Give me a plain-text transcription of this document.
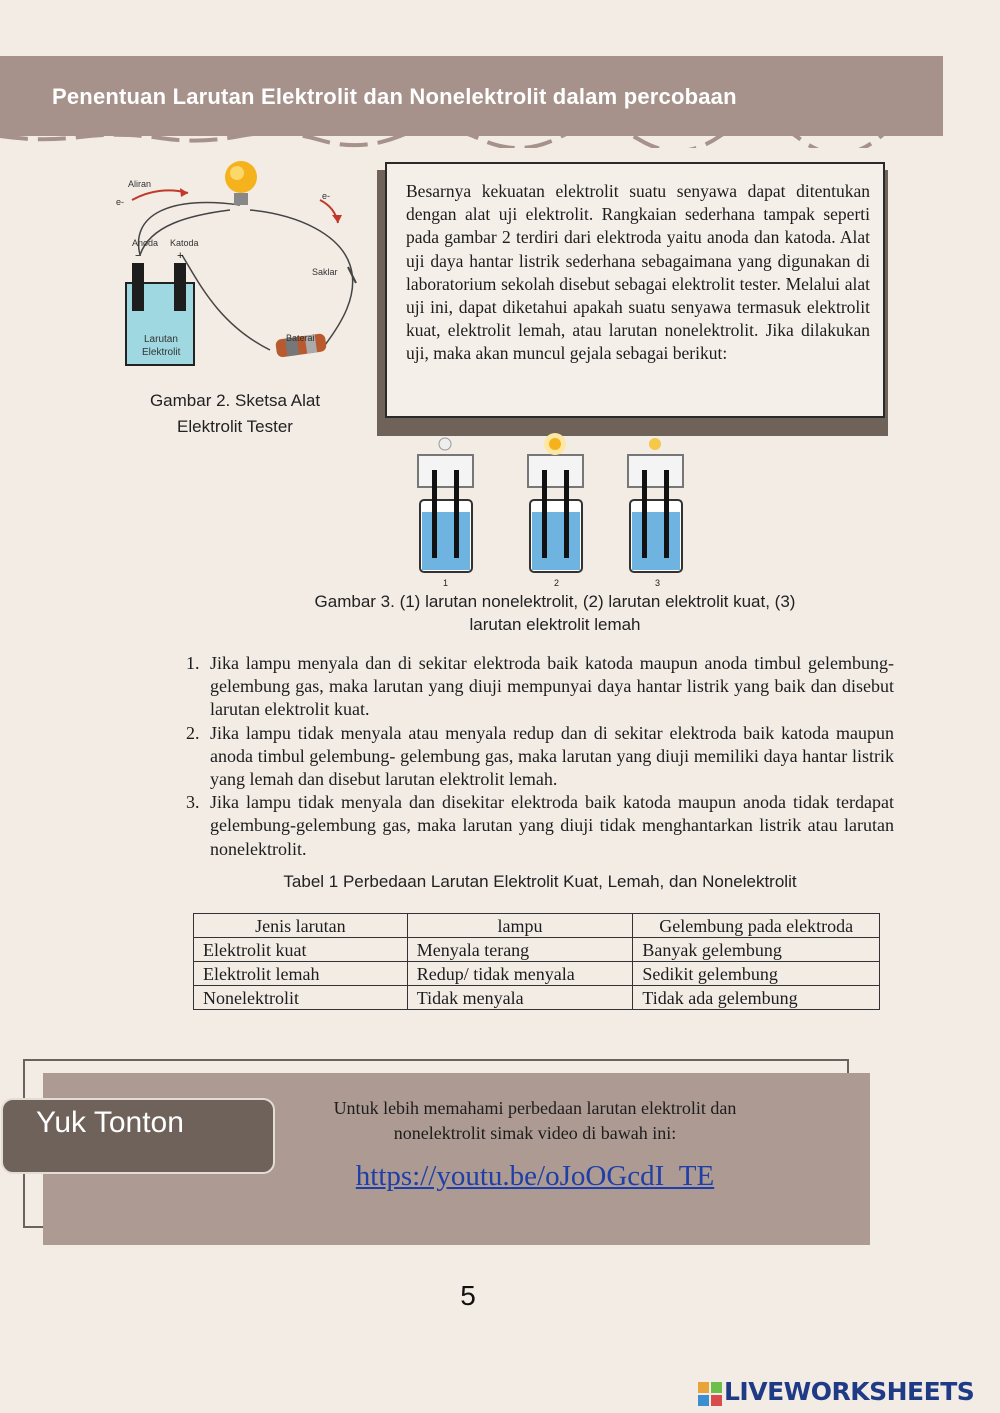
Penentuan Larutan Elektrolit dan Nonelektrolit dalam percobaan
Aliran
e-
e-
Anoda Katoda
−	+
Saklar
Baterai
Larutan
Elektrolit
Gambar 2. Sketsa Alat
Elektrolit Tester
Besarnya kekuatan elektrolit suatu senyawa dapat ditentukan dengan alat uji elektrolit. Rangkaian sederhana tampak seperti pada gambar 2 terdiri dari elektroda yaitu anoda dan katoda. Alat uji daya hantar listrik sederhana sebagaimana yang digunakan di laboratorium sekolah disebut sebagai elektrolit tester. Melalui alat uji ini, dapat diketahui apakah suatu senyawa termasuk elektrolit kuat, elektrolit lemah, atau larutan nonelektrolit. Jika dilakukan uji, maka akan muncul gejala sebagai berikut:
1	2	3
Gambar 3. (1) larutan nonelektrolit, (2) larutan elektrolit kuat, (3)
larutan elektrolit lemah
1. Jika lampu menyala dan di sekitar elektroda baik katoda maupun anoda timbul gelembung-gelembung gas, maka larutan yang diuji mempunyai daya hantar listrik yang baik dan disebut larutan elektrolit kuat.
2. Jika lampu tidak menyala atau menyala redup dan di sekitar elektroda baik katoda maupun anoda timbul gelembung- gelembung gas, maka larutan yang diuji memiliki daya hantar listrik yang lemah dan disebut larutan elektrolit lemah.
3. Jika lampu tidak menyala dan disekitar elektroda baik katoda maupun anoda tidak terdapat gelembung-gelembung gas, maka larutan yang diuji tidak menghantarkan listrik atau larutan nonelektrolit.
Tabel 1 Perbedaan Larutan Elektrolit Kuat, Lemah, dan Nonelektrolit
Jenis larutan	lampu	Gelembung pada elektroda
Elektrolit kuat	Menyala terang	Banyak gelembung
Elektrolit lemah	Redup/ tidak menyala	Sedikit gelembung
Nonelektrolit	Tidak menyala	Tidak ada gelembung
Yuk Tonton	Untuk lebih memahami perbedaan larutan elektrolit dan
nonelektrolit simak video di bawah ini:
https://youtu.be/oJoOGcdI_TE
5
LIVEWORKSHEETS
